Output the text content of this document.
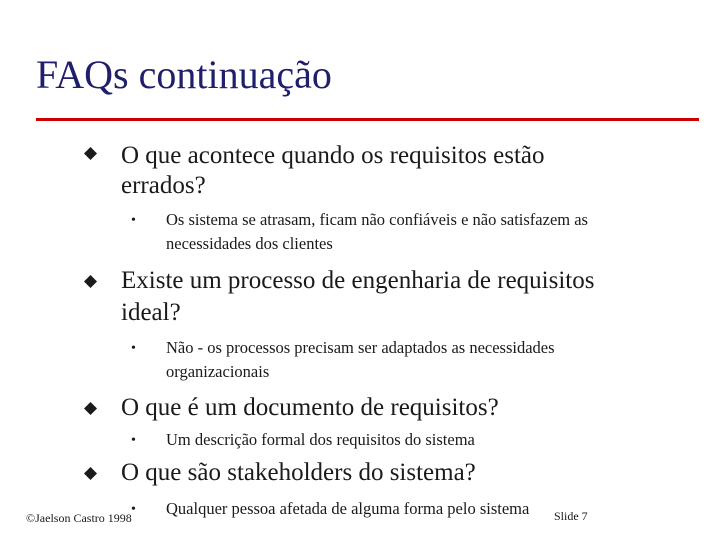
FAQs continuação
O que acontece quando os requisitos estão
errados?
• Os sistema se atrasam, ficam não confiáveis e não satisfazem as
necessidades dos clientes
Existe um processo de engenharia de requisitos
ideal?
• Não - os processos precisam ser adaptados as necessidades
organizacionais
O que é um documento de requisitos?
• Um descrição formal dos requisitos do sistema
O que são stakeholders do sistema?
• Qualquer pessoa afetada de alguma forma pelo sistema
©Jaelson Castro 1998	Slide 7
